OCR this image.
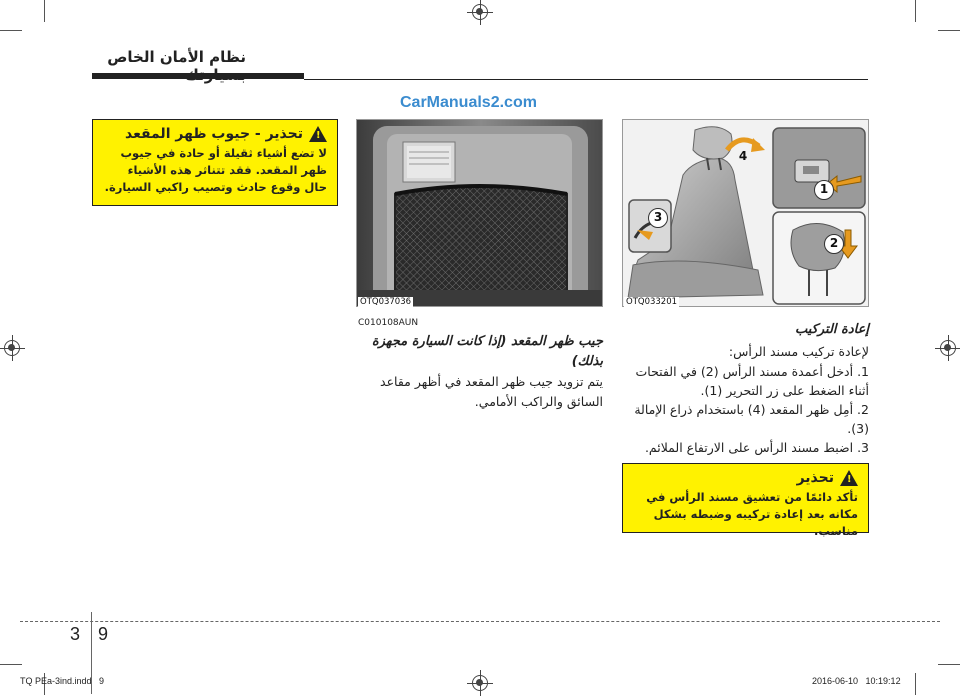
نظام الأمان الخاص
CarManuals2.com
!
تحذير - جيوب ظهر المقعد
لا تضع أشياء ثقيلة أو حادة في جيوب ظهر المقعد. فقد تتناثر هذه الأشياء حال وقوع حادث وتصيب راكبي السيارة.
OTQ037036
C010108AUN
جيب ظهر المقعد (إذا كانت السيارة مجهزة بذلك)
يتم تزويد جيب ظهر المقعد في أظهر مقاعد السائق والراكب الأمامي.
1
2
3
4
OTQ033201
إعادة التركيب
لإعادة تركيب مسند الرأس:
1. أدخل أعمدة مسند الرأس (2) في الفتحات أثناء الضغط على زر التحرير (1).
2. أمِل ظهر المقعد (4) باستخدام ذراع الإمالة (3).
3. اضبط مسند الرأس على الارتفاع الملائم.
!
تحذير
تأكد دائمًا من تعشيق مسند الرأس في مكانه بعد إعادة تركيبه وضبطه بشكل مناسب.
3 9
TQ PEa-3ind.indd   9	2016-06-10   10:19:12
